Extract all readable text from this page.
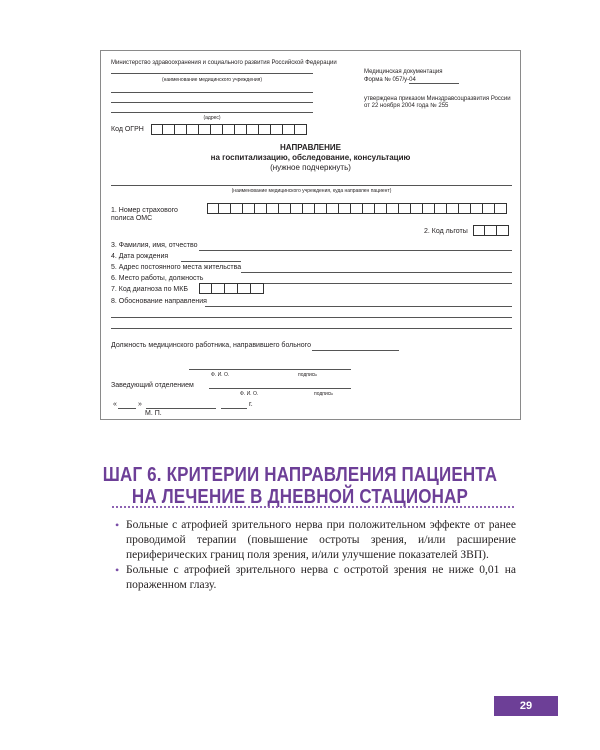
Министерство здравоохранения и социального развития Российской Федерации
(наименование медицинского учреждения)
(адрес)
Медицинская документация
Форма № 057/у-04
утверждена приказом Минздравсоцразвития России
от 22 ноября 2004 года № 255
Код ОГРН
НАПРАВЛЕНИЕ
на госпитализацию, обследование, консультацию
(нужное подчеркнуть)
(наименование медицинского учреждения, куда направлен пациент)
1. Номер страхового
полиса ОМС
2. Код льготы
3. Фамилия, имя, отчество
4. Дата рождения
5. Адрес постоянного места жительства
6. Место работы, должность
7. Код диагноза по МКБ
8. Обоснование направления
Должность медицинского работника, направившего больного
Ф. И. О.	подпись
Заведующий отделением
Ф. И. О.	подпись
«	»	г.
М. П.
ШАГ 6. КРИТЕРИИ НАПРАВЛЕНИЯ ПАЦИЕНТА
НА ЛЕЧЕНИЕ В ДНЕВНОЙ СТАЦИОНАР
• Больные с атрофией зрительного нерва при положительном эффекте от ранее проводимой терапии (повышение остроты зрения, и/или расширение периферических границ поля зрения, и/или улучшение показателей ЗВП).
• Больные с атрофией зрительного нерва с остротой зрения не ниже 0,01 на пораженном глазу.
29
